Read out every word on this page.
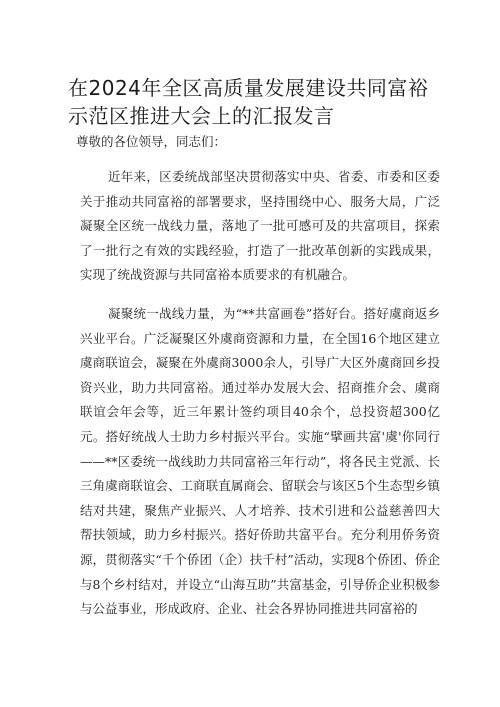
在2024年全区高质量发展建设共同富裕示范区推进大会上的汇报发言

尊敬的各位领导，同志们：

近年来，区委统战部坚决贯彻落实中央、省委、市委和区委关于推动共同富裕的部署要求，坚持围绕中心、服务大局，广泛凝聚全区统一战线力量，落地了一批可感可及的共富项目，探索了一批行之有效的实践经验，打造了一批改革创新的实践成果，实现了统战资源与共同富裕本质要求的有机融合。

凝聚统一战线力量，为“**共富画卷”搭好台。搭好虞商返乡兴业平台。广泛凝聚区外虞商资源和力量，在全国16个地区建立虞商联谊会，凝聚在外虞商3000余人，引导广大区外虞商回乡投资兴业，助力共同富裕。通过举办发展大会、招商推介会、虞商联谊会年会等，近三年累计签约项目40余个，总投资超300亿元。搭好统战人士助力乡村振兴平台。实施“擘画共富'虞'你同行——**区委统一战线助力共同富裕三年行动”，将各民主党派、长三角虞商联谊会、工商联直属商会、留联会与该区5个生态型乡镇结对共建，聚焦产业振兴、人才培养、技术引进和公益慈善四大帮扶领域，助力乡村振兴。搭好侨助共富平台。充分利用侨务资源，贯彻落实“千个侨团（企）扶千村”活动，实现8个侨团、侨企与8个乡村结对，并设立“山海互助”共富基金，引导侨企业积极参与公益事业，形成政府、企业、社会各界协同推进共同富裕的
